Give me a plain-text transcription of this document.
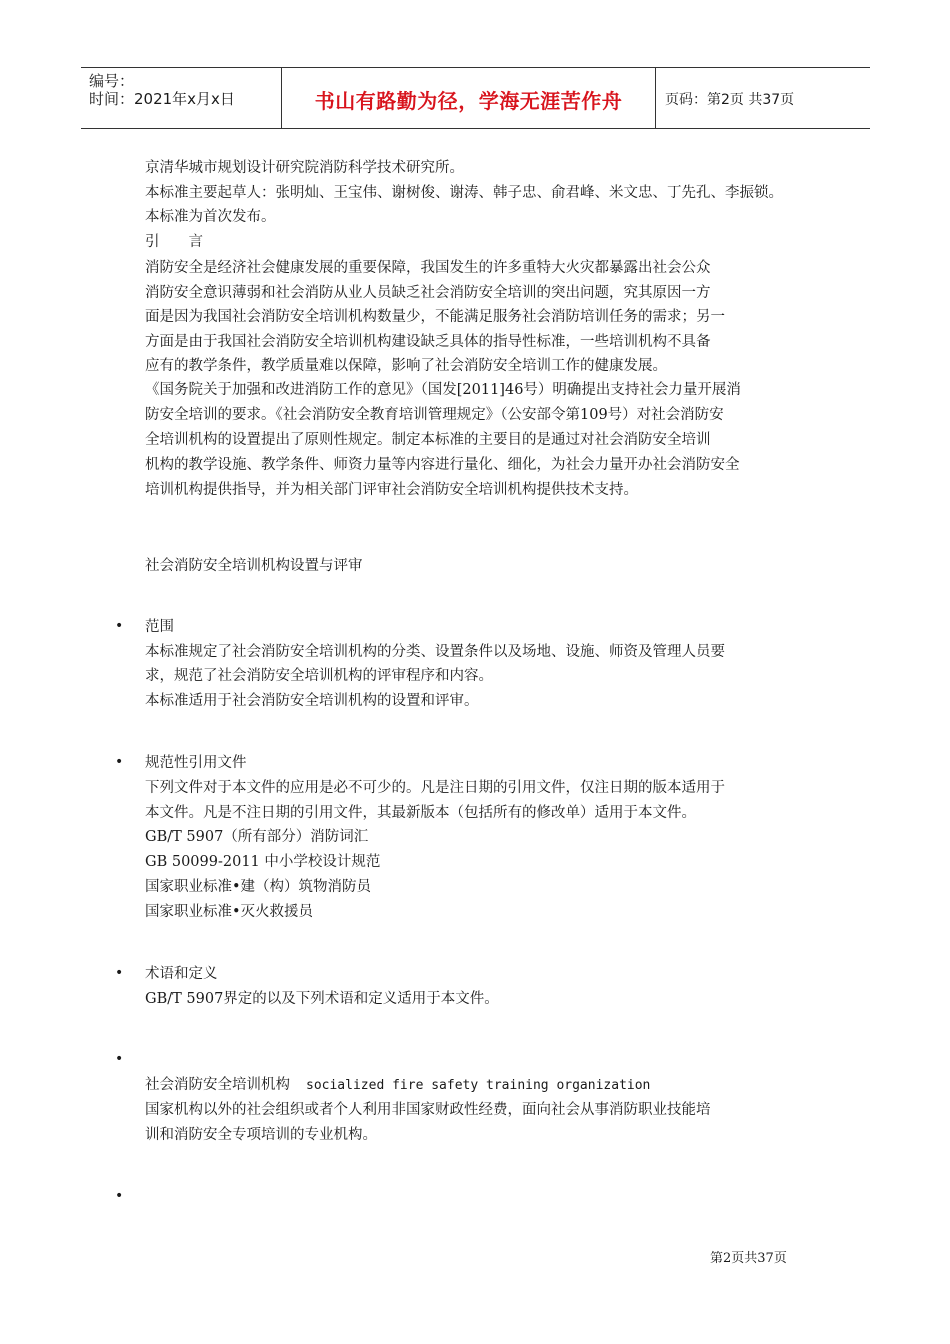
编号：
时间：2021年x月x日	书山有路勤为径，学海无涯苦作舟	页码：第2页 共37页
京清华城市规划设计研究院消防科学技术研究所。
本标准主要起草人：张明灿、王宝伟、谢树俊、谢涛、韩子忠、俞君峰、米文忠、丁先孔、李振锁。
本标准为首次发布。
引　　言
消防安全是经济社会健康发展的重要保障，我国发生的许多重特大火灾都暴露出社会公众
消防安全意识薄弱和社会消防从业人员缺乏社会消防安全培训的突出问题，究其原因一方
面是因为我国社会消防安全培训机构数量少，不能满足服务社会消防培训任务的需求；另一
方面是由于我国社会消防安全培训机构建设缺乏具体的指导性标准，一些培训机构不具备
应有的教学条件，教学质量难以保障，影响了社会消防安全培训工作的健康发展。
《国务院关于加强和改进消防工作的意见》（国发[2011]46号）明确提出支持社会力量开展消
防安全培训的要求。《社会消防安全教育培训管理规定》（公安部令第109号）对社会消防安
全培训机构的设置提出了原则性规定。制定本标准的主要目的是通过对社会消防安全培训
机构的教学设施、教学条件、师资力量等内容进行量化、细化，为社会力量开办社会消防安全
培训机构提供指导，并为相关部门评审社会消防安全培训机构提供技术支持。
社会消防安全培训机构设置与评审
范围
本标准规定了社会消防安全培训机构的分类、设置条件以及场地、设施、师资及管理人员要
求，规范了社会消防安全培训机构的评审程序和内容。
本标准适用于社会消防安全培训机构的设置和评审。
规范性引用文件
下列文件对于本文件的应用是必不可少的。凡是注日期的引用文件，仅注日期的版本适用于
本文件。凡是不注日期的引用文件，其最新版本（包括所有的修改单）适用于本文件。
GB/T 5907（所有部分）消防词汇
GB 50099-2011 中小学校设计规范
国家职业标准•建（构）筑物消防员
国家职业标准•灭火救援员
术语和定义
GB/T 5907界定的以及下列术语和定义适用于本文件。
社会消防安全培训机构 socialized fire safety training organization
国家机构以外的社会组织或者个人利用非国家财政性经费，面向社会从事消防职业技能培
训和消防安全专项培训的专业机构。
•
•
•
•
•
第2页共37页
